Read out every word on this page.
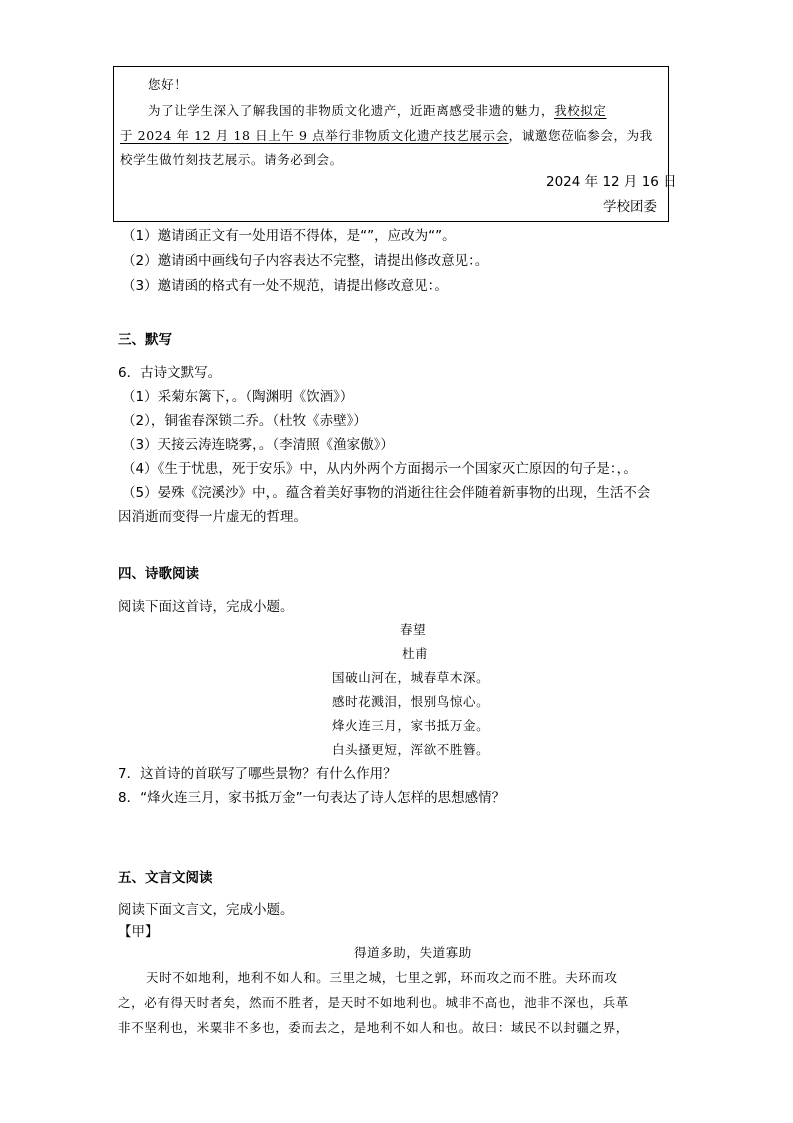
您好！
为了让学生深入了解我国的非物质文化遗产，近距离感受非遗的魅力，我校拟定
于 2024 年 12 月 18 日上午 9 点举行非物质文化遗产技艺展示会，诚邀您莅临参会，为我
校学生做竹刻技艺展示。请务必到会。
2024 年 12 月 16 日
学校团委
（1）邀请函正文有一处用语不得体，是“”，应改为“”。
（2）邀请函中画线句子内容表达不完整，请提出修改意见：。
（3）邀请函的格式有一处不规范，请提出修改意见：。
三、默写
6．古诗文默写。
（1）采菊东篱下，。（陶渊明《饮酒》）
（2），铜雀春深锁二乔。（杜牧《赤壁》）
（3）天接云涛连晓雾，。（李清照《渔家傲》）
（4）《生于忧患，死于安乐》中，从内外两个方面揭示一个国家灭亡原因的句子是：，。
（5）晏殊《浣溪沙》中，。蕴含着美好事物的消逝往往会伴随着新事物的出现，生活不会
因消逝而变得一片虚无的哲理。
四、诗歌阅读
阅读下面这首诗，完成小题。
春望
杜甫
国破山河在，城春草木深。
感时花溅泪，恨别鸟惊心。
烽火连三月，家书抵万金。
白头搔更短，浑欲不胜簪。
7．这首诗的首联写了哪些景物？有什么作用？
8．“烽火连三月，家书抵万金”一句表达了诗人怎样的思想感情？
五、文言文阅读
阅读下面文言文，完成小题。
【甲】
得道多助，失道寡助
天时不如地利，地利不如人和。三里之城，七里之郭，环而攻之而不胜。夫环而攻
之，必有得天时者矣，然而不胜者，是天时不如地利也。城非不高也，池非不深也，兵革
非不坚利也，米粟非不多也，委而去之，是地利不如人和也。故曰：域民不以封疆之界，
